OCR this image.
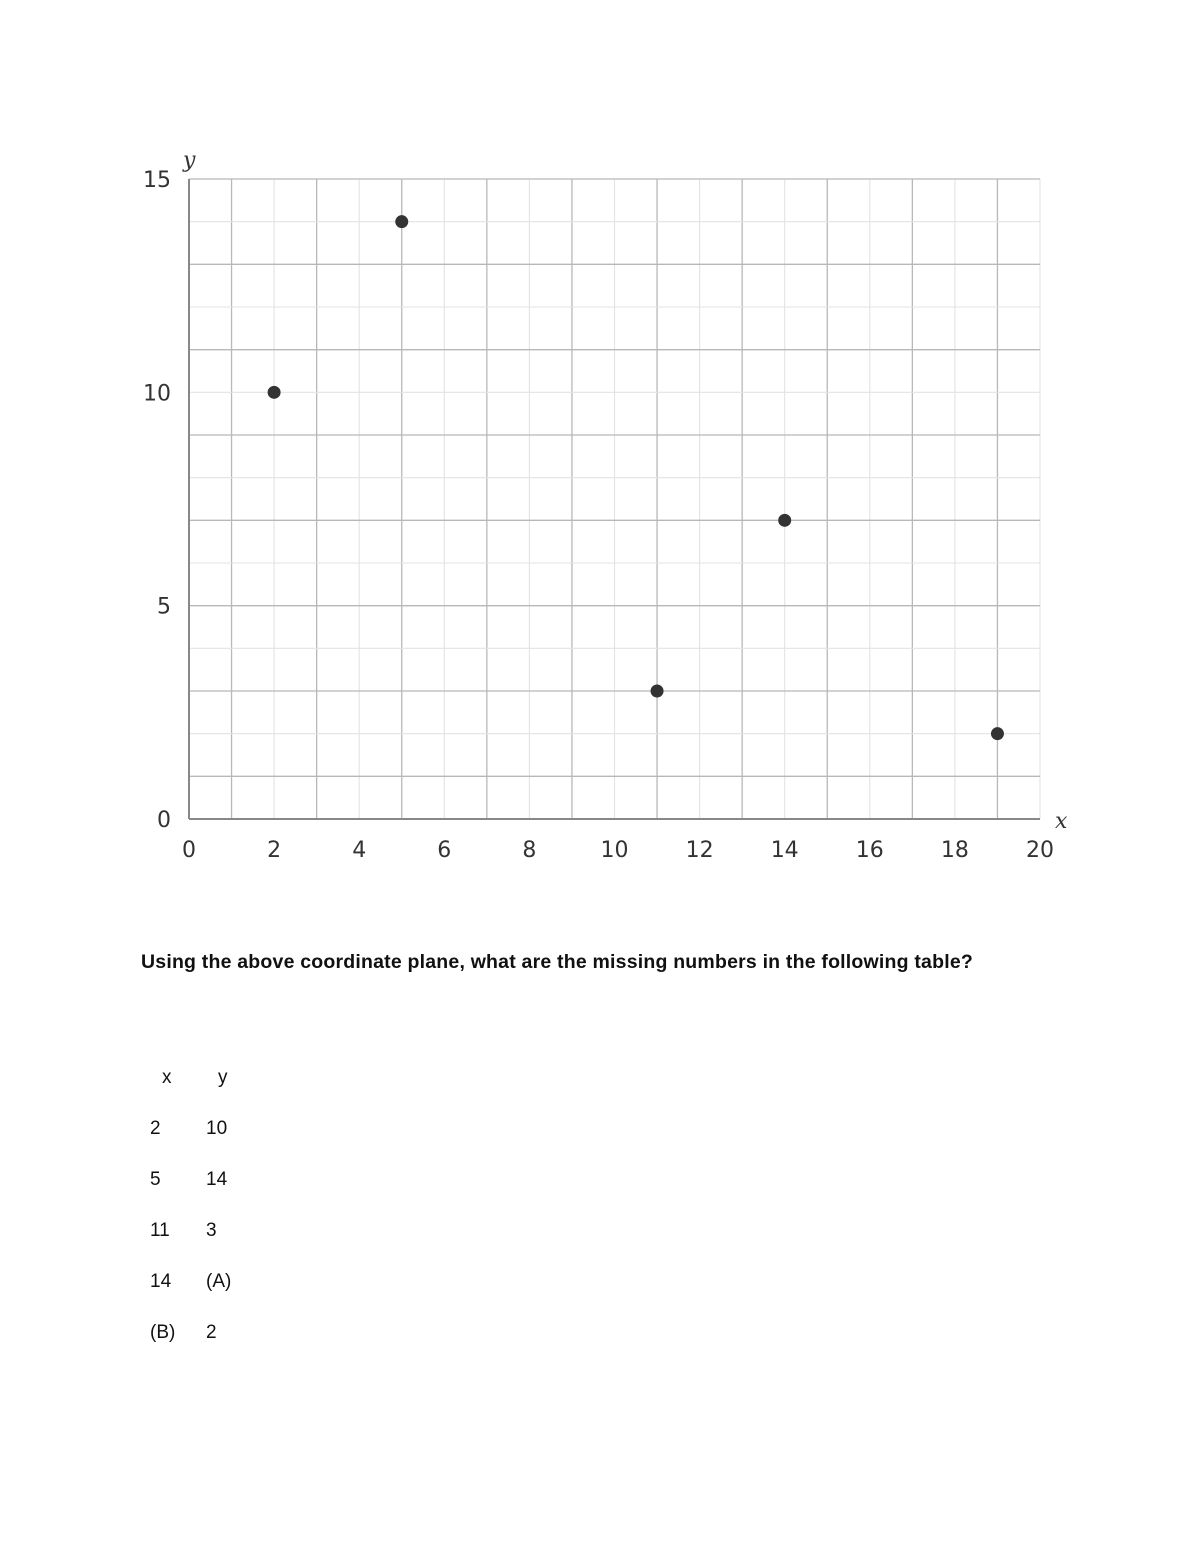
0	2	4	6	8	10	12	14	16	18	20
0
5
10
15
x
y

Using the above coordinate plane, what are the missing numbers in the following table?

x	y
2	10
5	14
11	3
14	(A)
(B)	2
